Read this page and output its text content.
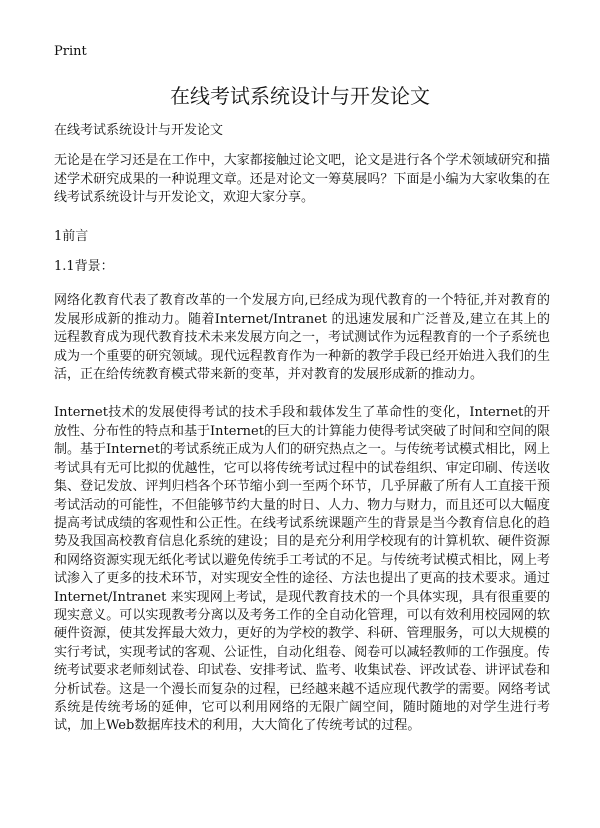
Print
在线考试系统设计与开发论文

在线考试系统设计与开发论文

无论是在学习还是在工作中，大家都接触过论文吧，论文是进行各个学术领域研究和描述学术研究成果的一种说理文章。还是对论文一筹莫展吗？下面是小编为大家收集的在线考试系统设计与开发论文，欢迎大家分享。

1前言

1.1背景：

网络化教育代表了教育改革的一个发展方向,已经成为现代教育的一个特征,并对教育的发展形成新的推动力。随着Internet/Intranet 的迅速发展和广泛普及,建立在其上的远程教育成为现代教育技术未来发展方向之一，考试测试作为远程教育的一个子系统也成为一个重要的研究领域。现代远程教育作为一种新的教学手段已经开始进入我们的生活，正在给传统教育模式带来新的变革，并对教育的发展形成新的推动力。

Internet技术的发展使得考试的技术手段和载体发生了革命性的变化，Internet的开放性、分布性的特点和基于Internet的巨大的计算能力使得考试突破了时间和空间的限制。基于Internet的考试系统正成为人们的研究热点之一。与传统考试模式相比，网上考试具有无可比拟的优越性，它可以将传统考试过程中的试卷组织、审定印刷、传送收集、登记发放、评判归档各个环节缩小到一至两个环节，几乎屏蔽了所有人工直接干预考试活动的可能性，不但能够节约大量的时日、人力、物力与财力，而且还可以大幅度提高考试成绩的客观性和公正性。在线考试系统课题产生的背景是当今教育信息化的趋势及我国高校教育信息化系统的建设；目的是充分利用学校现有的计算机软、硬件资源和网络资源实现无纸化考试以避免传统手工考试的不足。与传统考试模式相比，网上考试渗入了更多的技术环节，对实现安全性的途径、方法也提出了更高的技术要求。通过Internet/Intranet 来实现网上考试，是现代教育技术的一个具体实现，具有很重要的现实意义。可以实现教考分离以及考务工作的全自动化管理，可以有效利用校园网的软硬件资源，使其发挥最大效力，更好的为学校的教学、科研、管理服务，可以大规模的实行考试，实现考试的客观、公证性，自动化组卷、阅卷可以减轻教师的工作强度。传统考试要求老师刻试卷、印试卷、安排考试、监考、收集试卷、评改试卷、讲评试卷和分析试卷。这是一个漫长而复杂的过程，已经越来越不适应现代教学的需要。网络考试系统是传统考场的延伸，它可以利用网络的无限广阔空间，随时随地的对学生进行考试，加上Web数据库技术的利用，大大简化了传统考试的过程。
